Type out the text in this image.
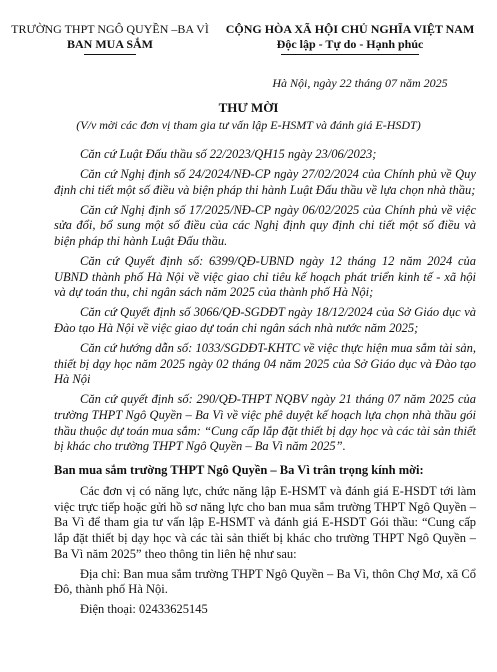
TRƯỜNG THPT NGÔ QUYỀN –BA VÌ
BAN MUA SẮM
CỘNG HÒA XÃ HỘI CHỦ NGHĨA VIỆT NAM
Độc lập - Tự do - Hạnh phúc
Hà Nội, ngày 22 tháng 07 năm 2025
THƯ MỜI
(V/v mời các đơn vị tham gia tư vấn lập E-HSMT và đánh giá E-HSDT)

Căn cứ Luật Đấu thầu số 22/2023/QH15 ngày 23/06/2023;

Căn cứ Nghị định số 24/2024/NĐ-CP ngày 27/02/2024 của Chính phủ về Quy định chi tiết một số điều và biện pháp thi hành Luật Đấu thầu về lựa chọn nhà thầu;

Căn cứ Nghị định số 17/2025/NĐ-CP ngày 06/02/2025 của Chính phủ về việc sửa đổi, bổ sung một số điều của các Nghị định quy định chi tiết một số điều và biện pháp thi hành Luật Đấu thầu.

Căn cứ Quyết định số: 6399/QĐ-UBND ngày 12 tháng 12 năm 2024 của UBND thành phố Hà Nội về việc giao chỉ tiêu kế hoạch phát triển kinh tế - xã hội và dự toán thu, chi ngân sách năm 2025 của thành phố Hà Nội;

Căn cứ Quyết định số 3066/QĐ-SGDĐT ngày 18/12/2024 của Sở Giáo dục và Đào tạo Hà Nội về việc giao dự toán chi ngân sách nhà nước năm 2025;

Căn cứ hướng dẫn số: 1033/SGDĐT-KHTC về việc thực hiện mua sắm tài sản, thiết bị dạy học năm 2025 ngày 02 tháng 04 năm 2025 của Sở Giáo dục và Đào tạo Hà Nội

Căn cứ quyết định số: 290/QĐ-THPT NQBV ngày 21 tháng 07 năm 2025 của trường THPT Ngô Quyền – Ba Vì về việc phê duyệt kế hoạch lựa chọn nhà thầu gói thầu thuộc dự toán mua sắm: “Cung cấp lắp đặt thiết bị dạy học và các tài sản thiết bị khác cho trường THPT Ngô Quyền – Ba Vì năm 2025”.

Ban mua sắm trường THPT Ngô Quyền – Ba Vì trân trọng kính mời:

Các đơn vị có năng lực, chức năng lập E-HSMT và đánh giá E-HSDT tới làm việc trực tiếp hoặc gửi hồ sơ năng lực cho ban mua sắm trường THPT Ngô Quyền – Ba Vì để tham gia tư vấn lập E-HSMT và đánh giá E-HSDT Gói thầu: “Cung cấp lắp đặt thiết bị dạy học và các tài sản thiết bị khác cho trường THPT Ngô Quyền – Ba Vì năm 2025” theo thông tin liên hệ như sau:

Địa chỉ: Ban mua sắm trường THPT Ngô Quyền – Ba Vì, thôn Chợ Mơ, xã Cổ Đô, thành phố Hà Nội.

Điện thoại: 02433625145
